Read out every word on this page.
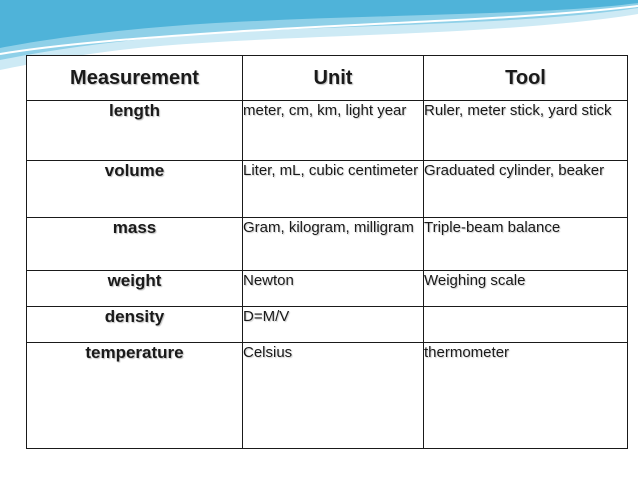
Measurement	Unit	Tool
length	meter, cm, km, light year	Ruler, meter stick, yard stick
volume	Liter, mL, cubic centimeter	Graduated cylinder, beaker
mass	Gram, kilogram, milligram	Triple-beam balance
weight	Newton	Weighing scale
density	D=M/V	
temperature	Celsius	thermometer
